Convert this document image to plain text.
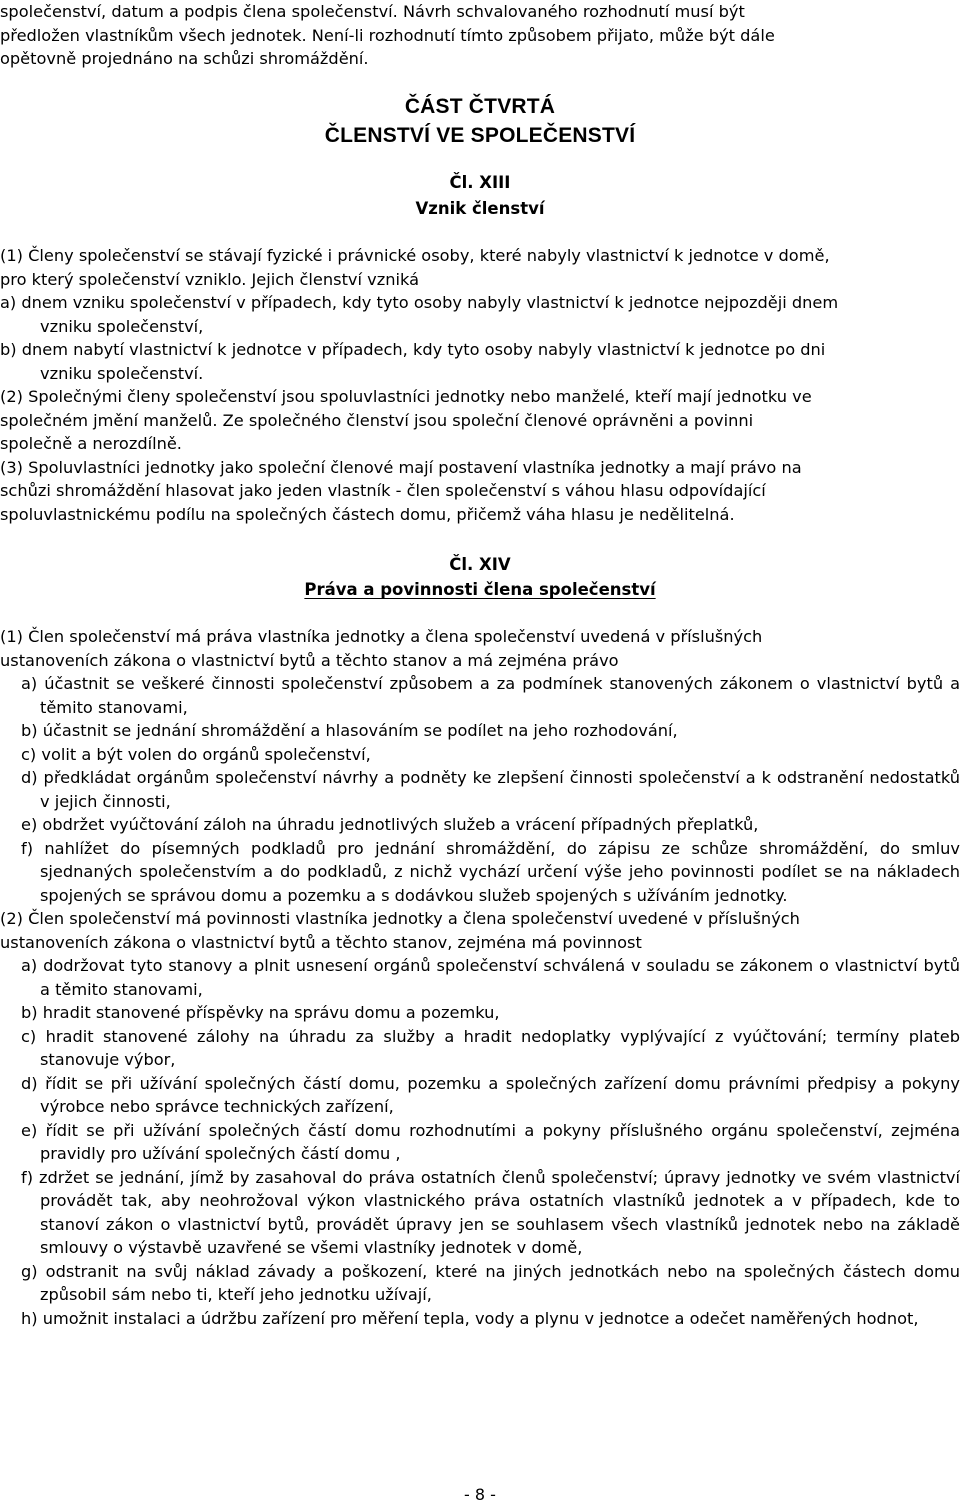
společenství, datum a podpis člena společenství. Návrh schvalovaného rozhodnutí musí být
předložen vlastníkům všech jednotek. Není-li rozhodnutí tímto způsobem přijato, může být dále
opětovně projednáno na schůzi shromáždění.
ČÁST ČTVRTÁ
ČLENSTVÍ VE SPOLEČENSTVÍ
Čl. XIII
Vznik členství
(1) Členy společenství se stávají fyzické i právnické osoby, které nabyly vlastnictví k jednotce v domě,
pro který společenství vzniklo. Jejich členství vzniká
a) dnem vzniku společenství v případech, kdy tyto osoby nabyly vlastnictví k jednotce nejpozději dnem
vzniku společenství,
b) dnem nabytí vlastnictví k jednotce v případech, kdy tyto osoby nabyly vlastnictví k jednotce po dni
vzniku společenství.
(2) Společnými členy společenství jsou spoluvlastníci jednotky nebo manželé, kteří mají jednotku ve
společném jmění manželů. Ze společného členství jsou společní členové oprávněni a povinni
společně a nerozdílně.
(3) Spoluvlastníci jednotky jako společní členové mají postavení vlastníka jednotky a mají právo na
schůzi shromáždění hlasovat jako jeden vlastník - člen společenství s váhou hlasu odpovídající
spoluvlastnickému podílu na společných částech domu, přičemž váha hlasu je nedělitelná.
Čl. XIV
Práva a povinnosti člena společenství
(1) Člen společenství má práva vlastníka jednotky a člena společenství uvedená v příslušných
ustanoveních zákona o vlastnictví bytů a těchto stanov a má zejména právo
a) účastnit se veškeré činnosti společenství způsobem a za podmínek stanovených zákonem o vlastnictví bytů a těmito stanovami,
b) účastnit se jednání shromáždění a hlasováním se podílet na jeho rozhodování,
c) volit a být volen do orgánů společenství,
d) předkládat orgánům společenství návrhy a podněty ke zlepšení činnosti společenství a k odstranění nedostatků v jejich činnosti,
e) obdržet vyúčtování záloh na úhradu jednotlivých služeb a vrácení případných přeplatků,
f) nahlížet do písemných podkladů pro jednání shromáždění, do zápisu ze schůze shromáždění, do smluv sjednaných společenstvím a do podkladů, z nichž vychází určení výše jeho povinnosti podílet se na nákladech spojených se správou domu a pozemku a s dodávkou služeb spojených s užíváním jednotky.
(2) Člen společenství má povinnosti vlastníka jednotky a člena společenství uvedené v příslušných
ustanoveních zákona o vlastnictví bytů a těchto stanov, zejména má povinnost
a) dodržovat tyto stanovy a plnit usnesení orgánů společenství schválená v souladu se zákonem o vlastnictví bytů a těmito stanovami,
b) hradit stanovené příspěvky na správu domu a pozemku,
c) hradit stanovené zálohy na úhradu za služby a hradit nedoplatky vyplývající z vyúčtování; termíny plateb stanovuje výbor,
d) řídit se při užívání společných částí domu, pozemku a společných zařízení domu právními předpisy a pokyny výrobce nebo správce technických zařízení,
e) řídit se při užívání společných částí domu rozhodnutími a pokyny příslušného orgánu společenství, zejména pravidly pro užívání společných částí domu ,
f) zdržet se jednání, jímž by zasahoval do práva ostatních členů společenství; úpravy jednotky ve svém vlastnictví provádět tak, aby neohrožoval výkon vlastnického práva ostatních vlastníků jednotek a v případech, kde to stanoví zákon o vlastnictví bytů, provádět úpravy jen se souhlasem všech vlastníků jednotek nebo na základě smlouvy o výstavbě uzavřené se všemi vlastníky jednotek v domě,
g) odstranit na svůj náklad závady a poškození, které na jiných jednotkách nebo na společných částech domu způsobil sám nebo ti, kteří jeho jednotku užívají,
h) umožnit instalaci a údržbu zařízení pro měření tepla, vody a plynu v jednotce a odečet naměřených hodnot,
- 8 -
